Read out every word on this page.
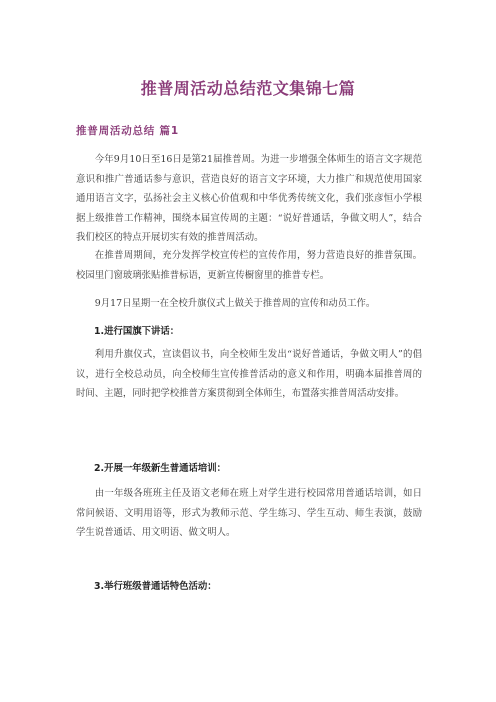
推普周活动总结范文集锦七篇
推普周活动总结 篇1

今年9月10日至16日是第21届推普周。为进一步增强全体师生的语言文字规范意识和推广普通话参与意识，营造良好的语言文字环境，大力推广和规范使用国家通用语言文字，弘扬社会主义核心价值观和中华优秀传统文化，我们张彦恒小学根据上级推普工作精神，围绕本届宣传周的主题：“说好普通话，争做文明人”，结合我们校区的特点开展切实有效的推普周活动。

在推普周期间，充分发挥学校宣传栏的宣传作用，努力营造良好的推普氛围。校园里门窗玻璃张贴推普标语，更新宣传橱窗里的推普专栏。

9月17日星期一在全校升旗仪式上做关于推普周的宣传和动员工作。

1.进行国旗下讲话：

利用升旗仪式，宣读倡议书，向全校师生发出“说好普通话，争做文明人”的倡议，进行全校总动员，向全校师生宣传推普活动的意义和作用，明确本届推普周的时间、主题，同时把学校推普方案贯彻到全体师生，布置落实推普周活动安排。

2.开展一年级新生普通话培训：

由一年级各班班主任及语文老师在班上对学生进行校园常用普通话培训，如日常问候语、文明用语等，形式为教师示范、学生练习、学生互动、师生表演，鼓励学生说普通话、用文明语、做文明人。

3.举行班级普通话特色活动：
